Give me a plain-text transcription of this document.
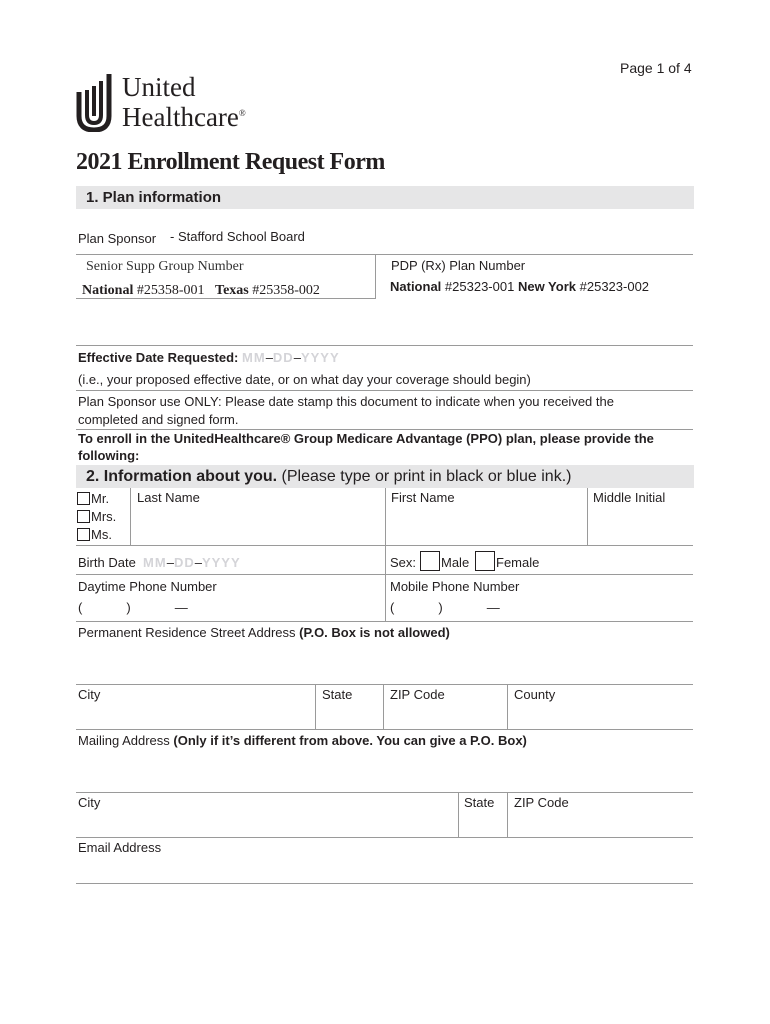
Page 1 of 4
United
Healthcare®
2021 Enrollment Request Form
1. Plan information
Plan Sponsor - Stafford School Board
Senior Supp Group Number
National #25358-001 Texas #25358-002
PDP (Rx) Plan Number
National #25323-001 New York #25323-002
Effective Date Requested: MM–DD–YYYY
(i.e., your proposed effective date, or on what day your coverage should begin)
Plan Sponsor use ONLY: Please date stamp this document to indicate when you received the
completed and signed form.
To enroll in the UnitedHealthcare® Group Medicare Advantage (PPO) plan, please provide the
following:
2. Information about you. (Please type or print in black or blue ink.)
Mr.
Mrs.
Ms.
Last Name	First Name	Middle Initial
Birth Date MM–DD–YYYY	Sex: Male Female
Daytime Phone Number
(	)	—
Mobile Phone Number
(	)	—
Permanent Residence Street Address (P.O. Box is not allowed)
City	State	ZIP Code	County
Mailing Address (Only if it’s different from above. You can give a P.O. Box)
City	State ZIP Code
Email Address
